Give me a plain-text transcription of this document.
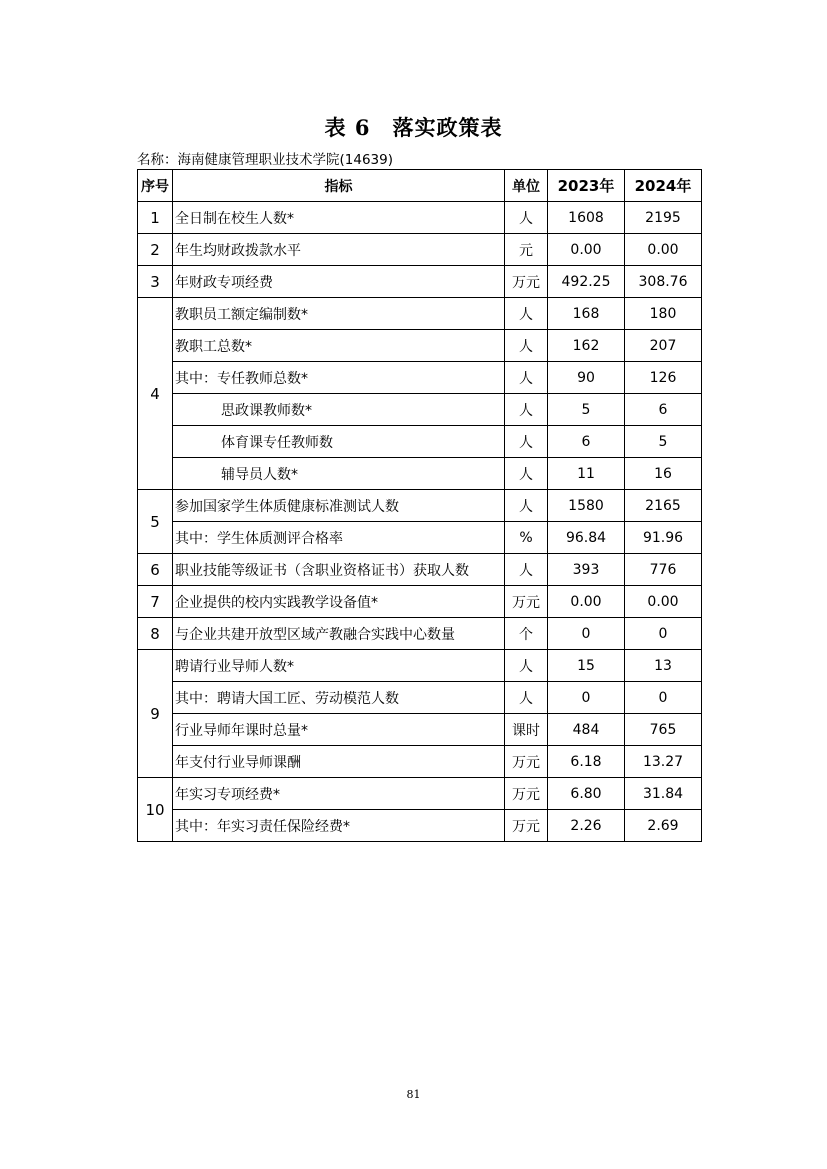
表 6　落实政策表
名称：海南健康管理职业技术学院(14639)
序号	指标	单位	2023年	2024年
1	全日制在校生人数*	人	1608	2195
2	年生均财政拨款水平	元	0.00	0.00
3	年财政专项经费	万元	492.25	308.76
4	教职员工额定编制数*	人	168	180
	教职工总数*	人	162	207
	其中：专任教师总数*	人	90	126
	思政课教师数*	人	5	6
	体育课专任教师数	人	6	5
	辅导员人数*	人	11	16
5	参加国家学生体质健康标准测试人数	人	1580	2165
	其中：学生体质测评合格率	%	96.84	91.96
6	职业技能等级证书（含职业资格证书）获取人数	人	393	776
7	企业提供的校内实践教学设备值*	万元	0.00	0.00
8	与企业共建开放型区域产教融合实践中心数量	个	0	0
9	聘请行业导师人数*	人	15	13
	其中：聘请大国工匠、劳动模范人数	人	0	0
	行业导师年课时总量*	课时	484	765
	年支付行业导师课酬	万元	6.18	13.27
10	年实习专项经费*	万元	6.80	31.84
	其中：年实习责任保险经费*	万元	2.26	2.69
81
